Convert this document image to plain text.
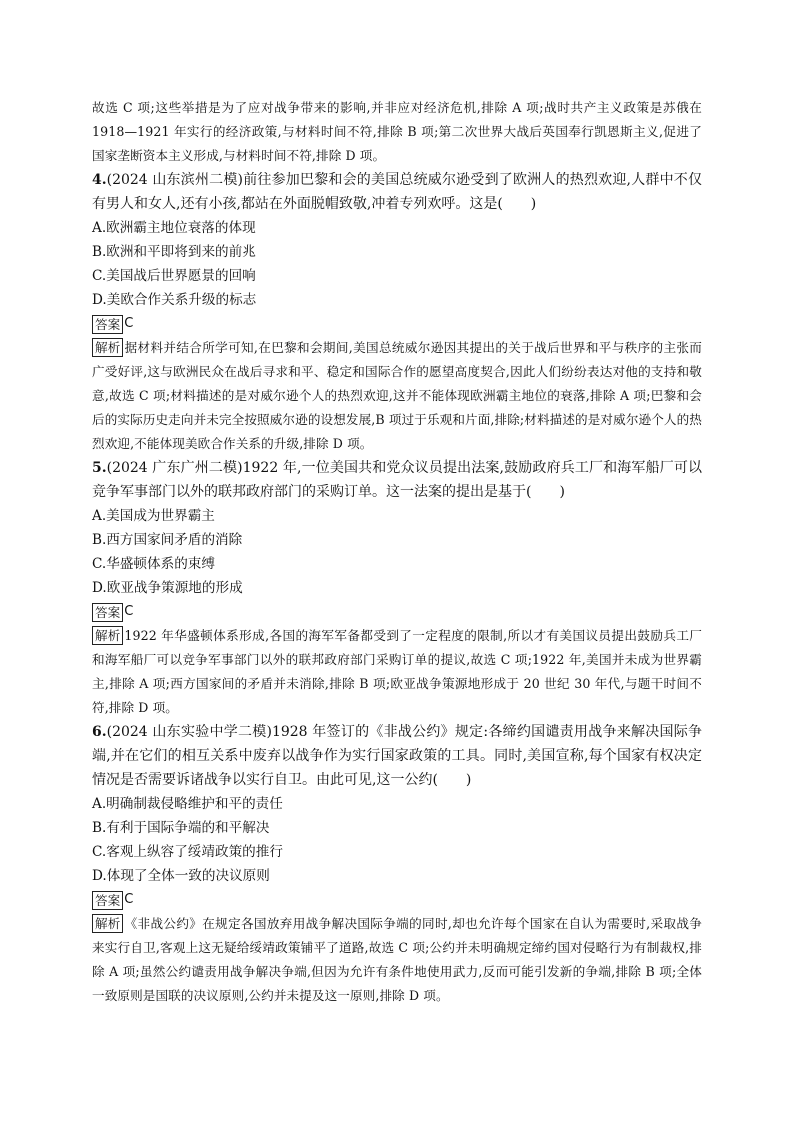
故选 C 项;这些举措是为了应对战争带来的影响,并非应对经济危机,排除 A 项;战时共产主义政策是苏俄在 1918—1921 年实行的经济政策,与材料时间不符,排除 B 项;第二次世界大战后英国奉行凯恩斯主义,促进了国家垄断资本主义形成,与材料时间不符,排除 D 项。

4.(2024 山东滨州二模)前往参加巴黎和会的美国总统威尔逊受到了欧洲人的热烈欢迎,人群中不仅有男人和女人,还有小孩,都站在外面脱帽致敬,冲着专列欢呼。这是(　　)

A.欧洲霸主地位衰落的体现

B.欧洲和平即将到来的前兆

C.美国战后世界愿景的回响

D.美欧合作关系升级的标志

答案 C

解析 据材料并结合所学可知,在巴黎和会期间,美国总统威尔逊因其提出的关于战后世界和平与秩序的主张而广受好评,这与欧洲民众在战后寻求和平、稳定和国际合作的愿望高度契合,因此人们纷纷表达对他的支持和敬意,故选 C 项;材料描述的是对威尔逊个人的热烈欢迎,这并不能体现欧洲霸主地位的衰落,排除 A 项;巴黎和会后的实际历史走向并未完全按照威尔逊的设想发展,B 项过于乐观和片面,排除;材料描述的是对威尔逊个人的热烈欢迎,不能体现美欧合作关系的升级,排除 D 项。

5.(2024 广东广州二模)1922 年,一位美国共和党众议员提出法案,鼓励政府兵工厂和海军船厂可以竞争军事部门以外的联邦政府部门的采购订单。这一法案的提出是基于(　　)

A.美国成为世界霸主

B.西方国家间矛盾的消除

C.华盛顿体系的束缚

D.欧亚战争策源地的形成

答案 C

解析 1922 年华盛顿体系形成,各国的海军军备都受到了一定程度的限制,所以才有美国议员提出鼓励兵工厂和海军船厂可以竞争军事部门以外的联邦政府部门采购订单的提议,故选 C 项;1922 年,美国并未成为世界霸主,排除 A 项;西方国家间的矛盾并未消除,排除 B 项;欧亚战争策源地形成于 20 世纪 30 年代,与题干时间不符,排除 D 项。

6.(2024 山东实验中学二模)1928 年签订的《非战公约》规定:各缔约国谴责用战争来解决国际争端,并在它们的相互关系中废弃以战争作为实行国家政策的工具。同时,美国宣称,每个国家有权决定情况是否需要诉诸战争以实行自卫。由此可见,这一公约(　　)

A.明确制裁侵略维护和平的责任

B.有利于国际争端的和平解决

C.客观上纵容了绥靖政策的推行

D.体现了全体一致的决议原则

答案 C

解析 《非战公约》在规定各国放弃用战争解决国际争端的同时,却也允许每个国家在自认为需要时,采取战争来实行自卫,客观上这无疑给绥靖政策铺平了道路,故选 C 项;公约并未明确规定缔约国对侵略行为有制裁权,排除 A 项;虽然公约谴责用战争解决争端,但因为允许有条件地使用武力,反而可能引发新的争端,排除 B 项;全体一致原则是国联的决议原则,公约并未提及这一原则,排除 D 项。
